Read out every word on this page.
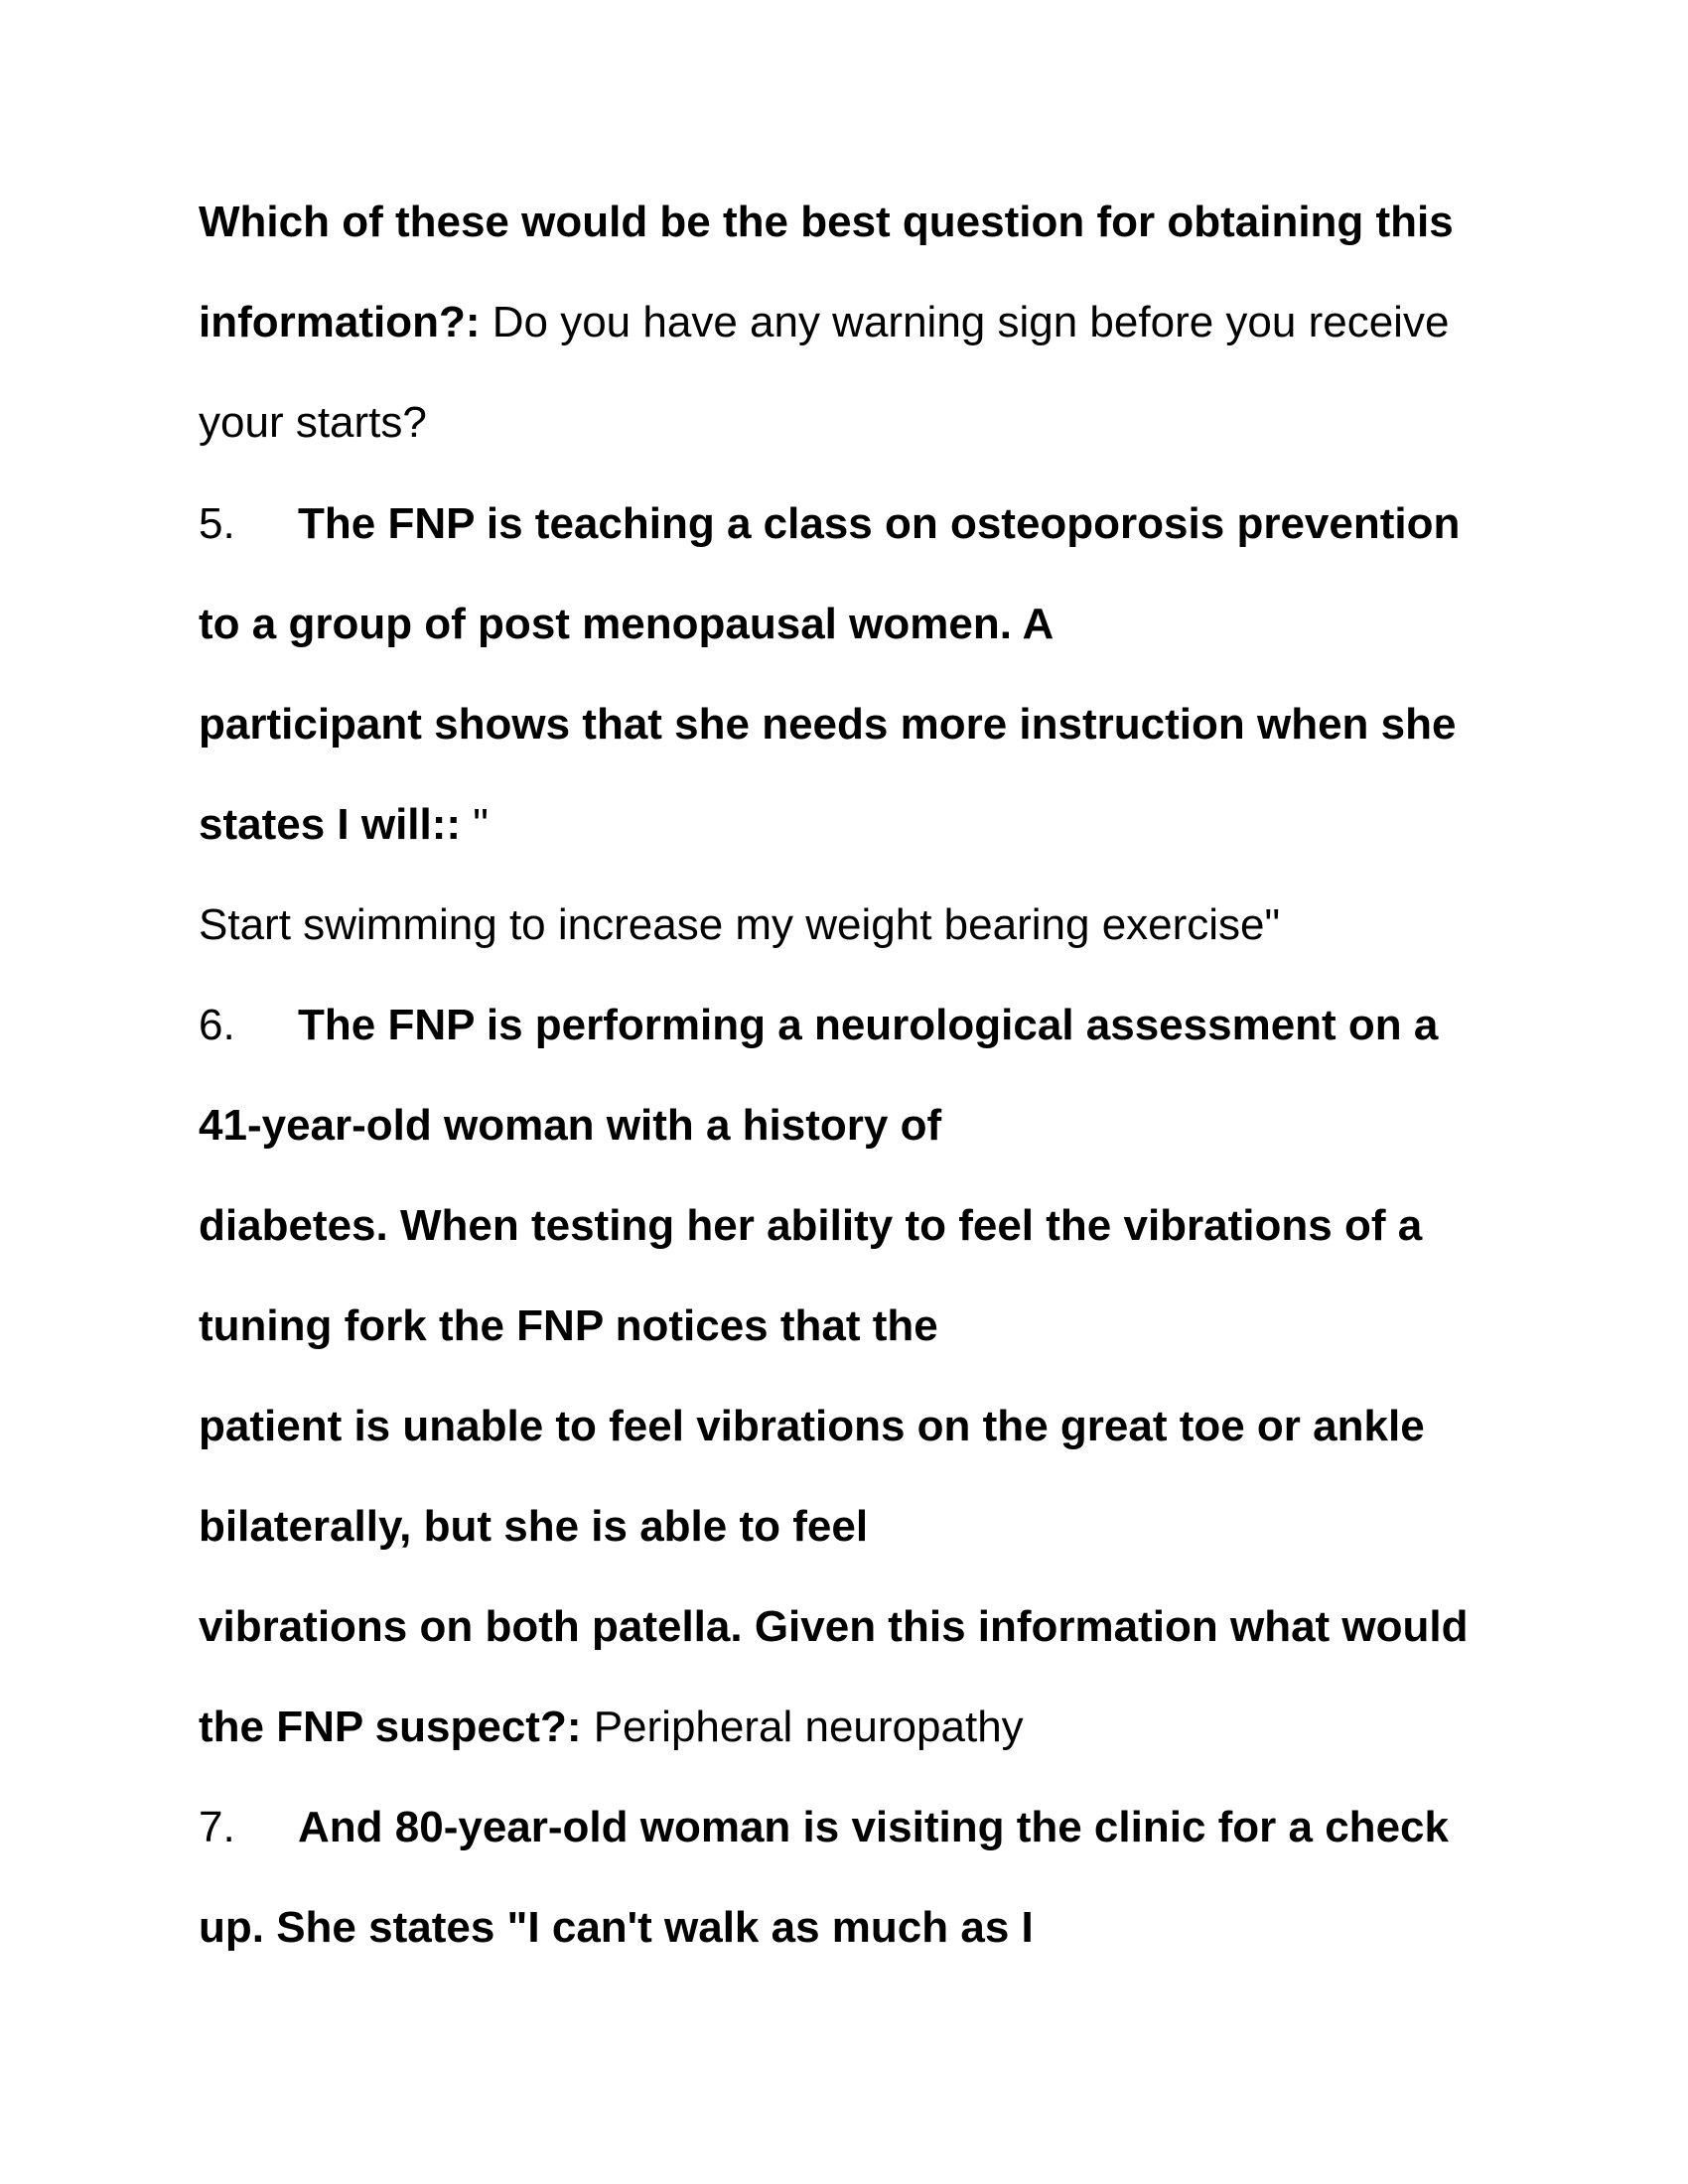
Which of these would be the best question for obtaining this
information?: Do you have any warning sign before you receive
your starts?
5. The FNP is teaching a class on osteoporosis prevention
to a group of post menopausal women. A
participant shows that she needs more instruction when she
states I will:: "
Start swimming to increase my weight bearing exercise"
6. The FNP is performing a neurological assessment on a
41-year-old woman with a history of
diabetes. When testing her ability to feel the vibrations of a
tuning fork the FNP notices that the
patient is unable to feel vibrations on the great toe or ankle
bilaterally, but she is able to feel
vibrations on both patella. Given this information what would
the FNP suspect?: Peripheral neuropathy
7. And 80-year-old woman is visiting the clinic for a check
up. She states "I can't walk as much as I
